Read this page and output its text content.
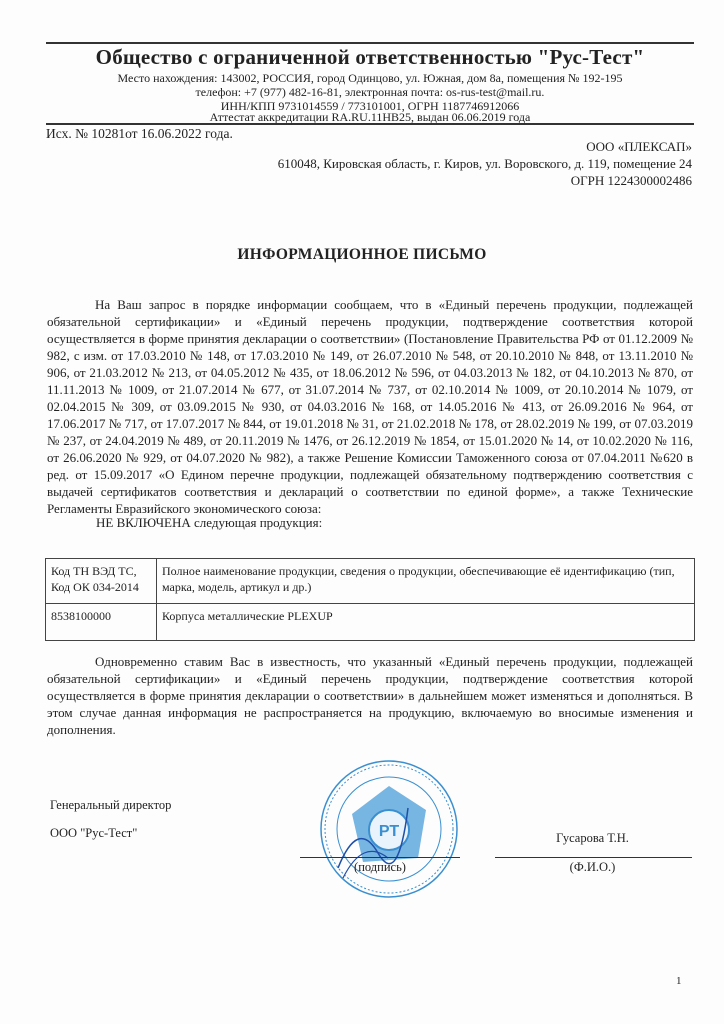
Общество с ограниченной ответственностью "Рус-Тест"
Место нахождения: 143002, РОССИЯ, город Одинцово, ул. Южная, дом 8а, помещения № 192-195
телефон: +7 (977) 482-16-81, электронная почта: os-rus-test@mail.ru.
ИНН/КПП 9731014559 / 773101001, ОГРН 1187746912066
Аттестат аккредитации RA.RU.11НВ25, выдан 06.06.2019 года
Исх. № 10281от 16.06.2022 года.
ООО «ПЛЕКСАП»
610048, Кировская область, г. Киров, ул. Воровского, д. 119, помещение 24
ОГРН 1224300002486
ИНФОРМАЦИОННОЕ ПИСЬМО
На Ваш запрос в порядке информации сообщаем, что в «Единый перечень продукции, подлежащей обязательной сертификации» и «Единый перечень продукции, подтверждение соответствия которой осуществляется в форме принятия декларации о соответствии» (Постановление Правительства РФ от 01.12.2009 № 982, с изм. от 17.03.2010 № 148, от 17.03.2010 № 149, от 26.07.2010 № 548, от 20.10.2010 № 848, от 13.11.2010 № 906, от 21.03.2012 № 213, от 04.05.2012 № 435, от 18.06.2012 № 596, от 04.03.2013 № 182, от 04.10.2013 № 870, от 11.11.2013 № 1009, от 21.07.2014 № 677, от 31.07.2014 № 737, от 02.10.2014 № 1009, от 20.10.2014 № 1079, от 02.04.2015 № 309, от 03.09.2015 № 930, от 04.03.2016 № 168, от 14.05.2016 № 413, от 26.09.2016 № 964, от 17.06.2017 № 717, от 17.07.2017 № 844, от 19.01.2018 № 31, от 21.02.2018 № 178, от 28.02.2019 № 199, от 07.03.2019 № 237, от 24.04.2019 № 489, от 20.11.2019 № 1476, от 26.12.2019 № 1854, от 15.01.2020 № 14, от 10.02.2020 № 116, от 26.06.2020 № 929, от 04.07.2020 № 982), а также Решение Комиссии Таможенного союза от 07.04.2011 №620 в ред. от 15.09.2017 «О Едином перечне продукции, подлежащей обязательному подтверждению соответствия с выдачей сертификатов соответствия и деклараций о соответствии по единой форме», а также Технические Регламенты Евразийского экономического союза:
НЕ ВКЛЮЧЕНА следующая продукция:
Код ТН ВЭД ТС, Код ОК 034-2014	Полное наименование продукции, сведения о продукции, обеспечивающие её идентификацию (тип, марка, модель, артикул и др.)
8538100000	Корпуса металлические PLEXUP
Одновременно ставим Вас в известность, что указанный «Единый перечень продукции, подлежащей обязательной сертификации» и «Единый перечень продукции, подтверждение соответствия которой осуществляется в форме принятия декларации о соответствии» в дальнейшем может изменяться и дополняться. В этом случае данная информация не распространяется на продукцию, включаемую во вносимые изменения и дополнения.
Генеральный директор
ООО "Рус-Тест"	РТ
(подпись)
Гусарова Т.Н.
(Ф.И.О.)
1
